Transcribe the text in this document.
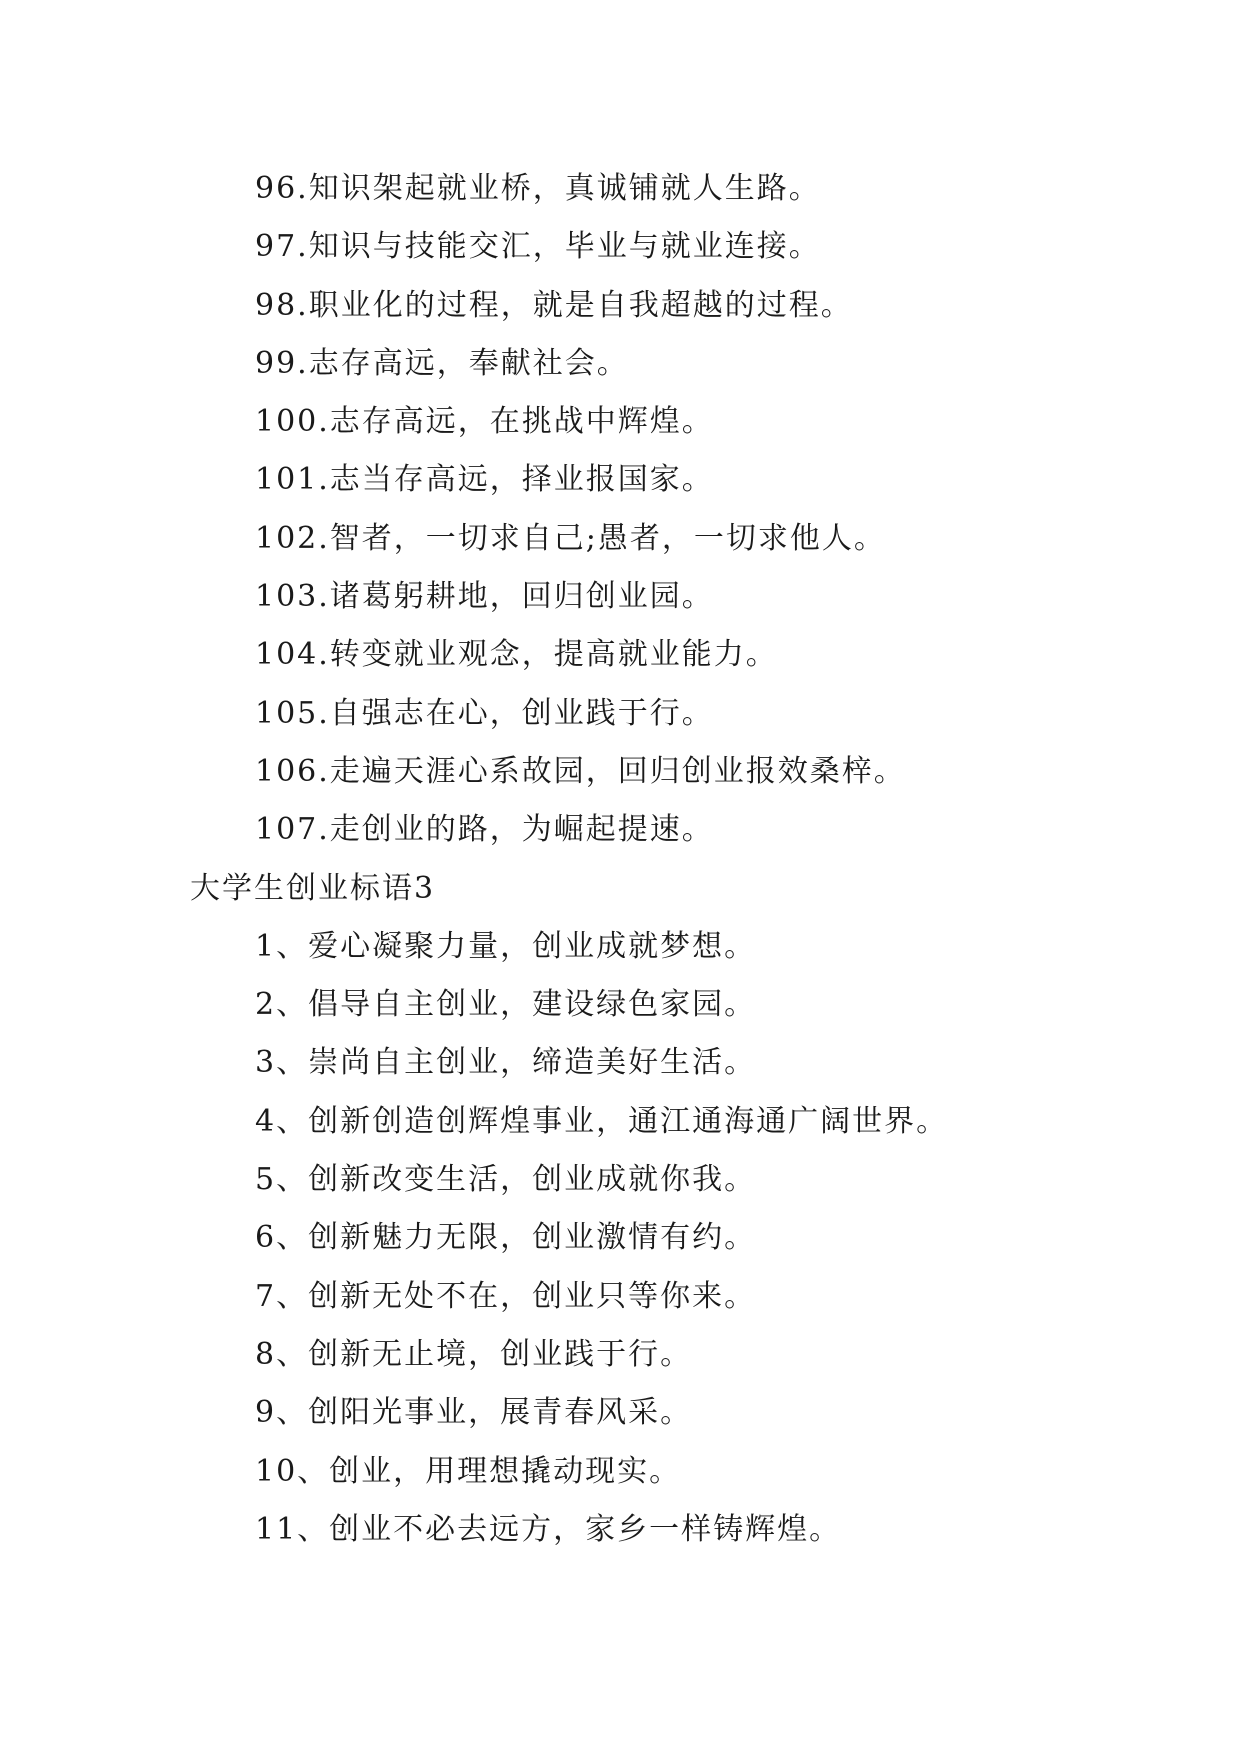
96.知识架起就业桥，真诚铺就人生路。

97.知识与技能交汇，毕业与就业连接。

98.职业化的过程，就是自我超越的过程。

99.志存高远，奉献社会。

100.志存高远，在挑战中辉煌。

101.志当存高远，择业报国家。

102.智者，一切求自己;愚者，一切求他人。

103.诸葛躬耕地，回归创业园。

104.转变就业观念，提高就业能力。

105.自强志在心，创业践于行。

106.走遍天涯心系故园，回归创业报效桑梓。

107.走创业的路，为崛起提速。

大学生创业标语3

1、爱心凝聚力量，创业成就梦想。

2、倡导自主创业，建设绿色家园。

3、崇尚自主创业，缔造美好生活。

4、创新创造创辉煌事业，通江通海通广阔世界。

5、创新改变生活，创业成就你我。

6、创新魅力无限，创业激情有约。

7、创新无处不在，创业只等你来。

8、创新无止境，创业践于行。

9、创阳光事业，展青春风采。

10、创业，用理想撬动现实。

11、创业不必去远方，家乡一样铸辉煌。
